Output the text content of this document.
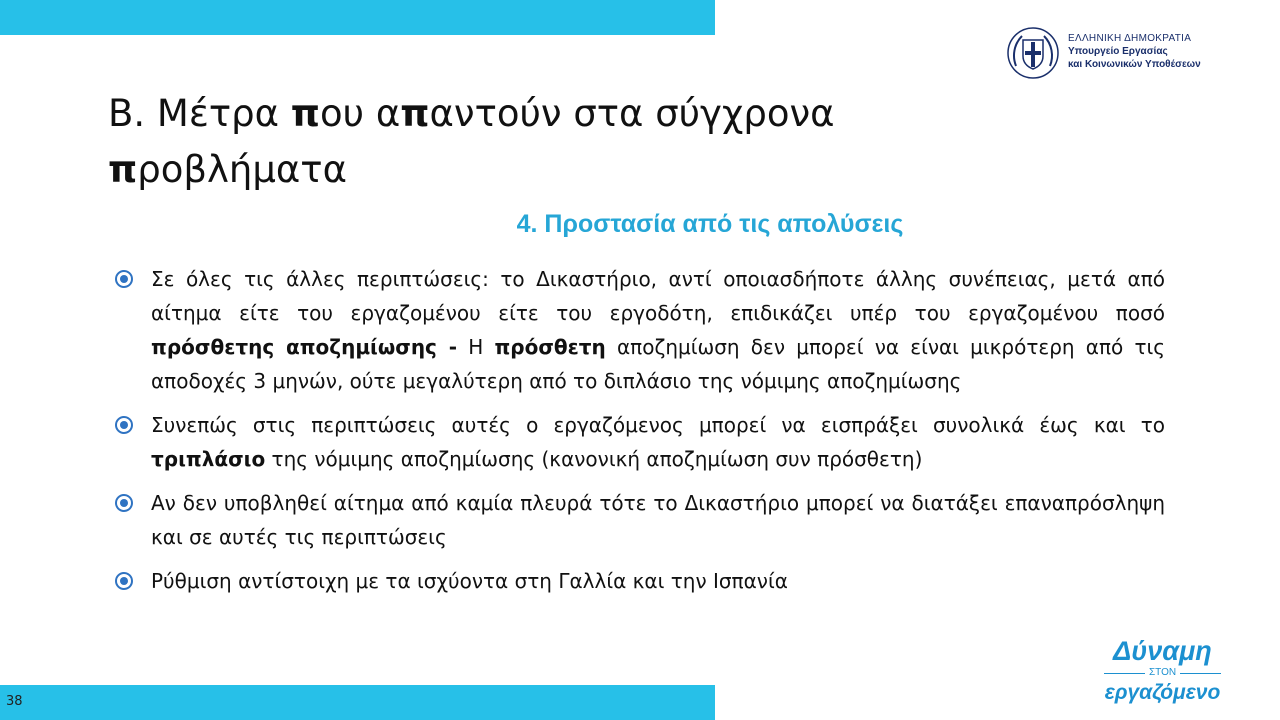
ΕΛΛΗΝΙΚΗ ΔΗΜΟΚΡΑΤΙΑ
Υπουργείο Εργασίας
και Κοινωνικών Υποθέσεων
Β. Μέτρα που απαντούν στα σύγχρονα
προβλήματα
4. Προστασία από τις απολύσεις
Σε όλες τις άλλες περιπτώσεις: το Δικαστήριο, αντί οποιασδήποτε άλλης συνέπειας, μετά από αίτημα είτε του εργαζομένου είτε του εργοδότη, επιδικάζει υπέρ του εργαζομένου ποσό πρόσθετης αποζημίωσης - Η πρόσθετη αποζημίωση δεν μπορεί να είναι μικρότερη από τις αποδοχές 3 μηνών, ούτε μεγαλύτερη από το διπλάσιο της νόμιμης αποζημίωσης
Συνεπώς στις περιπτώσεις αυτές ο εργαζόμενος μπορεί να εισπράξει συνολικά έως και το τριπλάσιο της νόμιμης αποζημίωσης (κανονική αποζημίωση συν πρόσθετη)
Αν δεν υποβληθεί αίτημα από καμία πλευρά τότε το Δικαστήριο μπορεί να διατάξει επαναπρόσληψη και σε αυτές τις περιπτώσεις
Ρύθμιση αντίστοιχη με τα ισχύοντα στη Γαλλία και την Ισπανία
38
Δύναμη
ΣΤΟΝ
εργαζόμενο
